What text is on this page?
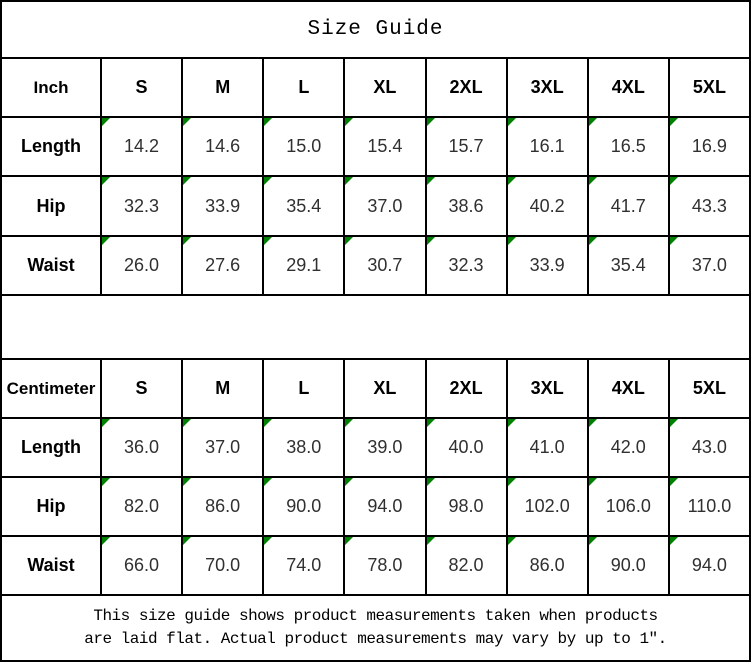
Size Guide								
Inch	S	M	L	XL	2XL	3XL	4XL	5XL
Length	14.2	14.6	15.0	15.4	15.7	16.1	16.5	16.9
Hip	32.3	33.9	35.4	37.0	38.6	40.2	41.7	43.3
Waist	26.0	27.6	29.1	30.7	32.3	33.9	35.4	37.0

Centimeter	S	M	L	XL	2XL	3XL	4XL	5XL
Length	36.0	37.0	38.0	39.0	40.0	41.0	42.0	43.0
Hip	82.0	86.0	90.0	94.0	98.0	102.0	106.0	110.0
Waist	66.0	70.0	74.0	78.0	82.0	86.0	90.0	94.0

This size guide shows product measurements taken when products
are laid flat. Actual product measurements may vary by up to 1″.								
